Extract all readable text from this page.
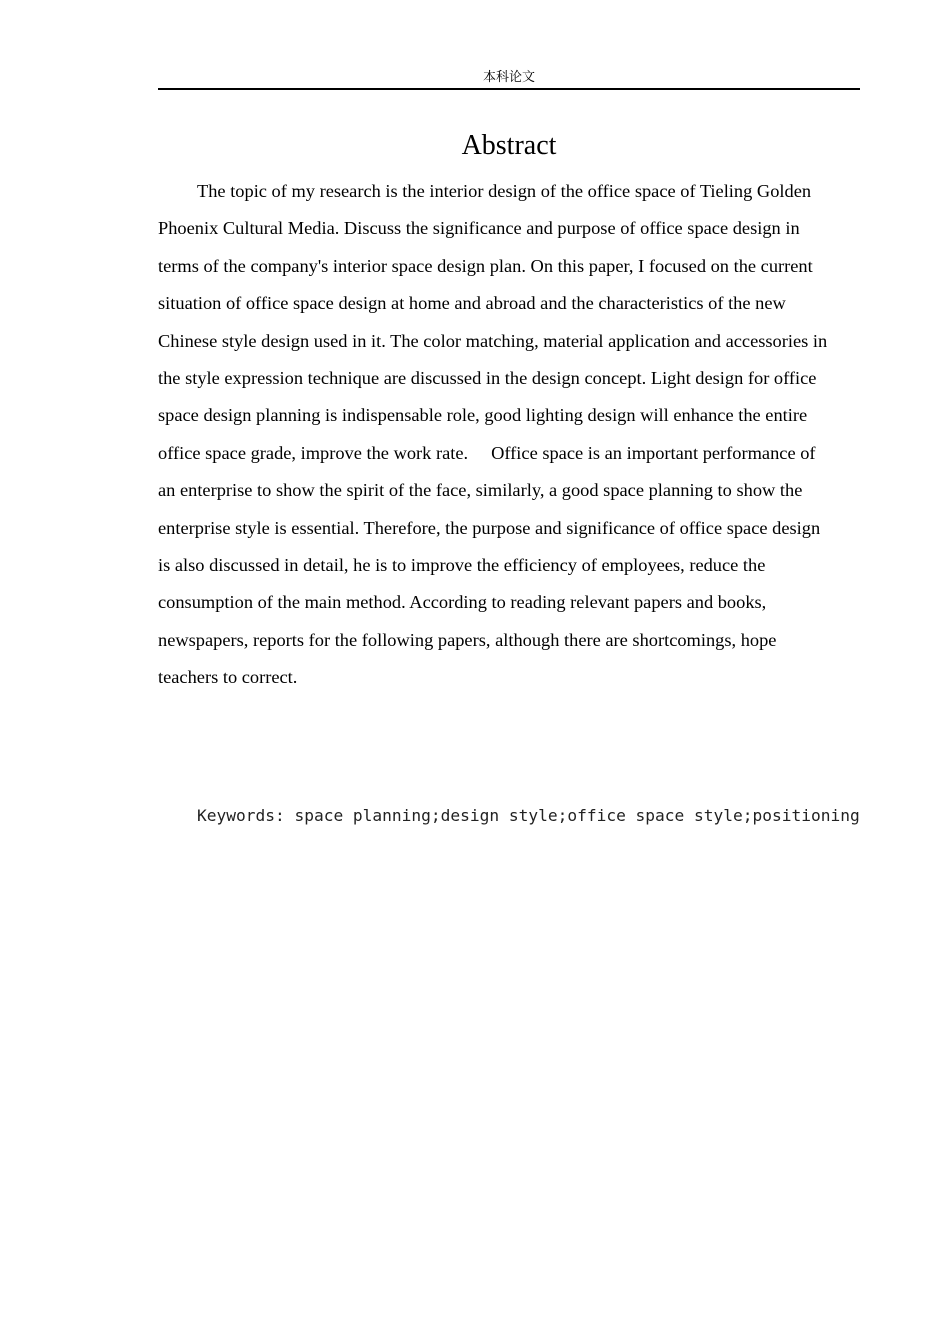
本科论文
Abstract

The topic of my research is the interior design of the office space of Tieling Golden
Phoenix Cultural Media. Discuss the significance and purpose of office space design in
terms of the company's interior space design plan. On this paper, I focused on the current
situation of office space design at home and abroad and the characteristics of the new
Chinese style design used in it. The color matching, material application and accessories in
the style expression technique are discussed in the design concept. Light design for office
space design planning is indispensable role, good lighting design will enhance the entire
office space grade, improve the work rate.     Office space is an important performance of
an enterprise to show the spirit of the face, similarly, a good space planning to show the
enterprise style is essential. Therefore, the purpose and significance of office space design
is also discussed in detail, he is to improve the efficiency of employees, reduce the
consumption of the main method. According to reading relevant papers and books,
newspapers, reports for the following papers, although there are shortcomings, hope
teachers to correct.

Keywords: space planning;design style;office space style;positioning
